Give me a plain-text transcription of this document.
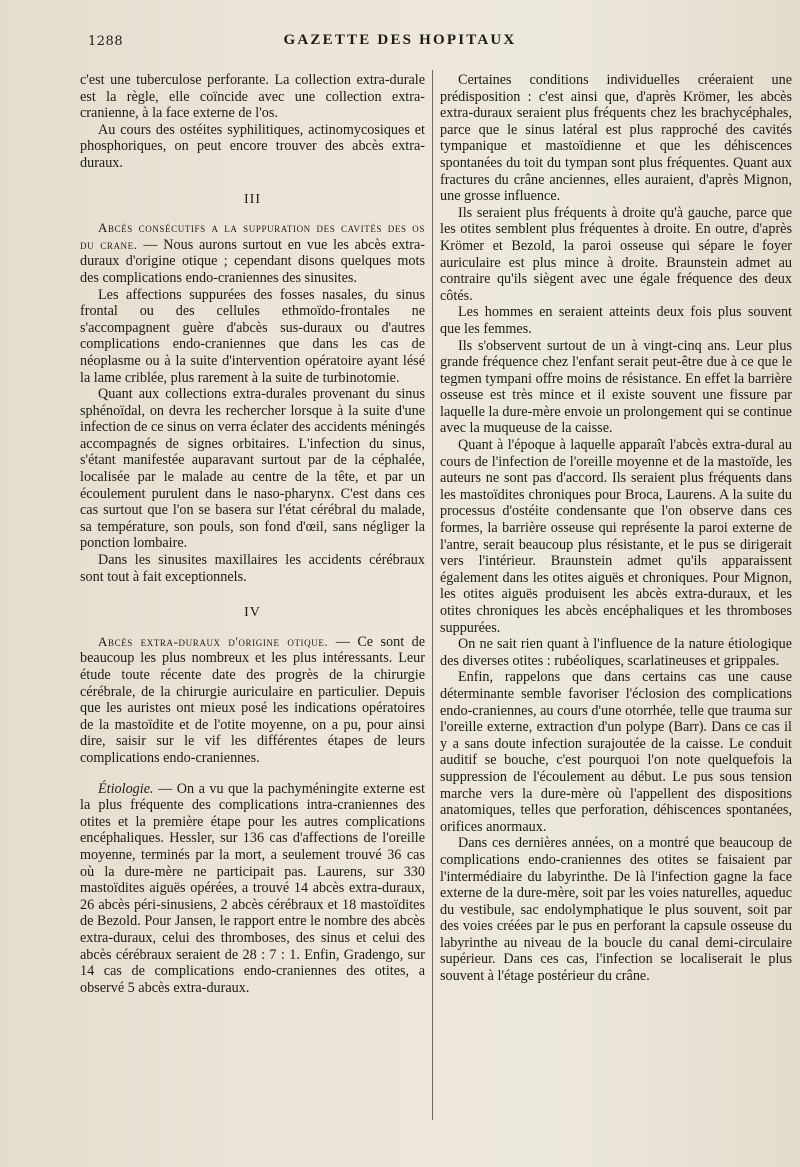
1288	GAZETTE DES HOPITAUX

c'est une tuberculose perforante. La collection extra-durale est la règle, elle coïncide avec une collection extra-cranienne, à la face externe de l'os.

Au cours des ostéites syphilitiques, actinomycosiques et phosphoriques, on peut encore trouver des abcès extra-duraux.

III

Abcès consécutifs a la suppuration des cavités des os du crane. — Nous aurons surtout en vue les abcès extra-duraux d'origine otique ; cependant disons quelques mots des complications endo-craniennes des sinusites.

Les affections suppurées des fosses nasales, du sinus frontal ou des cellules ethmoïdo-frontales ne s'accompagnent guère d'abcès sus-duraux ou d'autres complications endo-craniennes que dans les cas de néoplasme ou à la suite d'intervention opératoire ayant lésé la lame criblée, plus rarement à la suite de turbinotomie.

Quant aux collections extra-durales provenant du sinus sphénoïdal, on devra les rechercher lorsque à la suite d'une infection de ce sinus on verra éclater des accidents méningés accompagnés de signes orbitaires. L'infection du sinus, s'étant manifestée auparavant surtout par de la céphalée, localisée par le malade au centre de la tête, et par un écoulement purulent dans le naso-pharynx. C'est dans ces cas surtout que l'on se basera sur l'état cérébral du malade, sa température, son pouls, son fond d'œil, sans négliger la ponction lombaire.

Dans les sinusites maxillaires les accidents cérébraux sont tout à fait exceptionnels.

IV

Abcès extra-duraux d'origine otique. — Ce sont de beaucoup les plus nombreux et les plus intéressants. Leur étude toute récente date des progrès de la chirurgie cérébrale, de la chirurgie auriculaire en particulier. Depuis que les auristes ont mieux posé les indications opératoires de la mastoïdite et de l'otite moyenne, on a pu, pour ainsi dire, saisir sur le vif les différentes étapes de leurs complications endo-craniennes.

Étiologie. — On a vu que la pachyméningite externe est la plus fréquente des complications intra-craniennes des otites et la première étape pour les autres complications encéphaliques. Hessler, sur 136 cas d'affections de l'oreille moyenne, terminés par la mort, a seulement trouvé 36 cas où la dure-mère ne participait pas. Laurens, sur 330 mastoïdites aiguës opérées, a trouvé 14 abcès extra-duraux, 26 abcès péri-sinusiens, 2 abcès cérébraux et 18 mastoïdites de Bezold. Pour Jansen, le rapport entre le nombre des abcès extra-duraux, celui des thromboses, des sinus et celui des abcès cérébraux seraient de 28 : 7 : 1. Enfin, Gradengo, sur 14 cas de complications endo-craniennes des otites, a observé 5 abcès extra-duraux.

Certaines conditions individuelles créeraient une prédisposition : c'est ainsi que, d'après Krömer, les abcès extra-duraux seraient plus fréquents chez les brachycéphales, parce que le sinus latéral est plus rapproché des cavités tympanique et mastoïdienne et que les déhiscences spontanées du toit du tympan sont plus fréquentes. Quant aux fractures du crâne anciennes, elles auraient, d'après Mignon, une grosse influence.

Ils seraient plus fréquents à droite qu'à gauche, parce que les otites semblent plus fréquentes à droite. En outre, d'après Krömer et Bezold, la paroi osseuse qui sépare le foyer auriculaire est plus mince à droite. Braunstein admet au contraire qu'ils siègent avec une égale fréquence des deux côtés.

Les hommes en seraient atteints deux fois plus souvent que les femmes.

Ils s'observent surtout de un à vingt-cinq ans. Leur plus grande fréquence chez l'enfant serait peut-être due à ce que le tegmen tympani offre moins de résistance. En effet la barrière osseuse est très mince et il existe souvent une fissure par laquelle la dure-mère envoie un prolongement qui se continue avec la muqueuse de la caisse.

Quant à l'époque à laquelle apparaît l'abcès extra-dural au cours de l'infection de l'oreille moyenne et de la mastoïde, les auteurs ne sont pas d'accord. Ils seraient plus fréquents dans les mastoïdites chroniques pour Broca, Laurens. A la suite du processus d'ostéite condensante que l'on observe dans ces formes, la barrière osseuse qui représente la paroi externe de l'antre, serait beaucoup plus résistante, et le pus se dirigerait vers l'intérieur. Braunstein admet qu'ils apparaissent également dans les otites aiguës et chroniques. Pour Mignon, les otites aiguës produisent les abcès extra-duraux, et les otites chroniques les abcès encéphaliques et les thromboses suppurées.

On ne sait rien quant à l'influence de la nature étiologique des diverses otites : rubéoliques, scarlatineuses et grippales.

Enfin, rappelons que dans certains cas une cause déterminante semble favoriser l'éclosion des complications endo-craniennes, au cours d'une otorrhée, telle que trauma sur l'oreille externe, extraction d'un polype (Barr). Dans ce cas il y a sans doute infection surajoutée de la caisse. Le conduit auditif se bouche, c'est pourquoi l'on note quelquefois la suppression de l'écoulement au début. Le pus sous tension marche vers la dure-mère où l'appellent des dispositions anatomiques, telles que perforation, déhiscences spontanées, orifices anormaux.

Dans ces dernières années, on a montré que beaucoup de complications endo-craniennes des otites se faisaient par l'intermédiaire du labyrinthe. De là l'infection gagne la face externe de la dure-mère, soit par les voies naturelles, aqueduc du vestibule, sac endolymphatique le plus souvent, soit par des voies créées par le pus en perforant la capsule osseuse du labyrinthe au niveau de la boucle du canal demi-circulaire supérieur. Dans ces cas, l'infection se localiserait le plus souvent à l'étage postérieur du crâne.
